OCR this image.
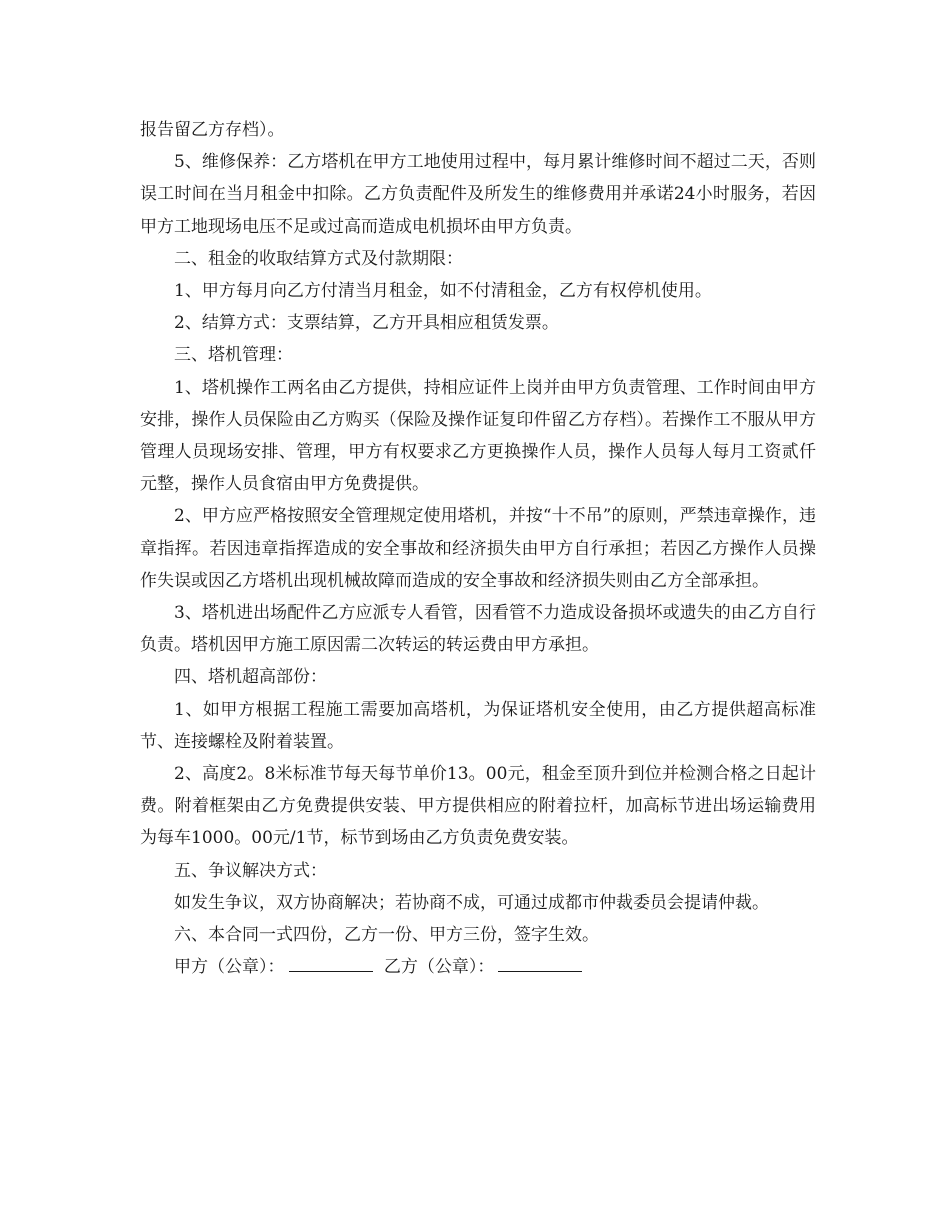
报告留乙方存档）。

5、维修保养：乙方塔机在甲方工地使用过程中，每月累计维修时间不超过二天，否则误工时间在当月租金中扣除。乙方负责配件及所发生的维修费用并承诺24小时服务，若因甲方工地现场电压不足或过高而造成电机损坏由甲方负责。

二、租金的收取结算方式及付款期限：

1、甲方每月向乙方付清当月租金，如不付清租金，乙方有权停机使用。

2、结算方式：支票结算，乙方开具相应租赁发票。

三、塔机管理：

1、塔机操作工两名由乙方提供，持相应证件上岗并由甲方负责管理、工作时间由甲方安排，操作人员保险由乙方购买（保险及操作证复印件留乙方存档）。若操作工不服从甲方管理人员现场安排、管理，甲方有权要求乙方更换操作人员，操作人员每人每月工资贰仟元整，操作人员食宿由甲方免费提供。

2、甲方应严格按照安全管理规定使用塔机，并按“十不吊”的原则，严禁违章操作，违章指挥。若因违章指挥造成的安全事故和经济损失由甲方自行承担；若因乙方操作人员操作失误或因乙方塔机出现机械故障而造成的安全事故和经济损失则由乙方全部承担。

3、塔机进出场配件乙方应派专人看管，因看管不力造成设备损坏或遗失的由乙方自行负责。塔机因甲方施工原因需二次转运的转运费由甲方承担。

四、塔机超高部份：

1、如甲方根据工程施工需要加高塔机，为保证塔机安全使用，由乙方提供超高标准节、连接螺栓及附着装置。

2、高度2。8米标准节每天每节单价13。00元，租金至顶升到位并检测合格之日起计费。附着框架由乙方免费提供安装、甲方提供相应的附着拉杆，加高标节进出场运输费用为每车1000。00元/1节，标节到场由乙方负责免费安装。

五、争议解决方式：

如发生争议，双方协商解决；若协商不成，可通过成都市仲裁委员会提请仲裁。

六、本合同一式四份，乙方一份、甲方三份，签字生效。

甲方（公章）：	乙方（公章）：
